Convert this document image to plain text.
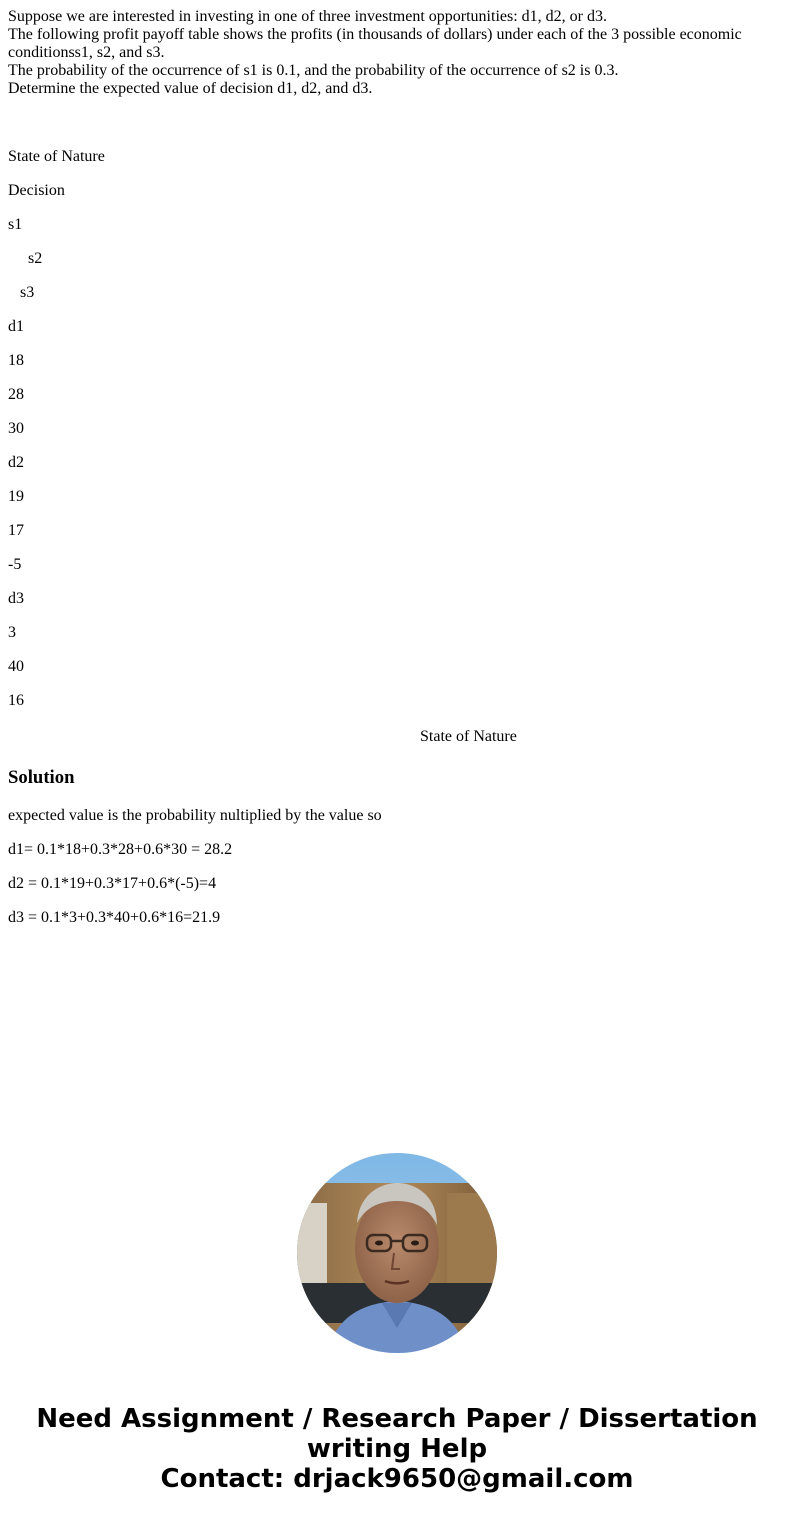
Suppose we are interested in investing in one of three investment opportunities: d1, d2, or d3.
The following profit payoff table shows the profits (in thousands of dollars) under each of the 3 possible economic conditionss1, s2, and s3.
The probability of the occurrence of s1 is 0.1, and the probability of the occurrence of s2 is 0.3.
Determine the expected value of decision d1, d2, and d3.

State of Nature

Decision

s1

s2

s3

d1

18

28

30

d2

19

17

-5

d3

3

40

16

State of Nature

Solution

expected value is the probability nultiplied by the value so

d1= 0.1*18+0.3*28+0.6*30 = 28.2

d2 = 0.1*19+0.3*17+0.6*(-5)=4

d3 = 0.1*3+0.3*40+0.6*16=21.9

Need Assignment / Research Paper / Dissertation
writing Help
Contact: drjack9650@gmail.com
